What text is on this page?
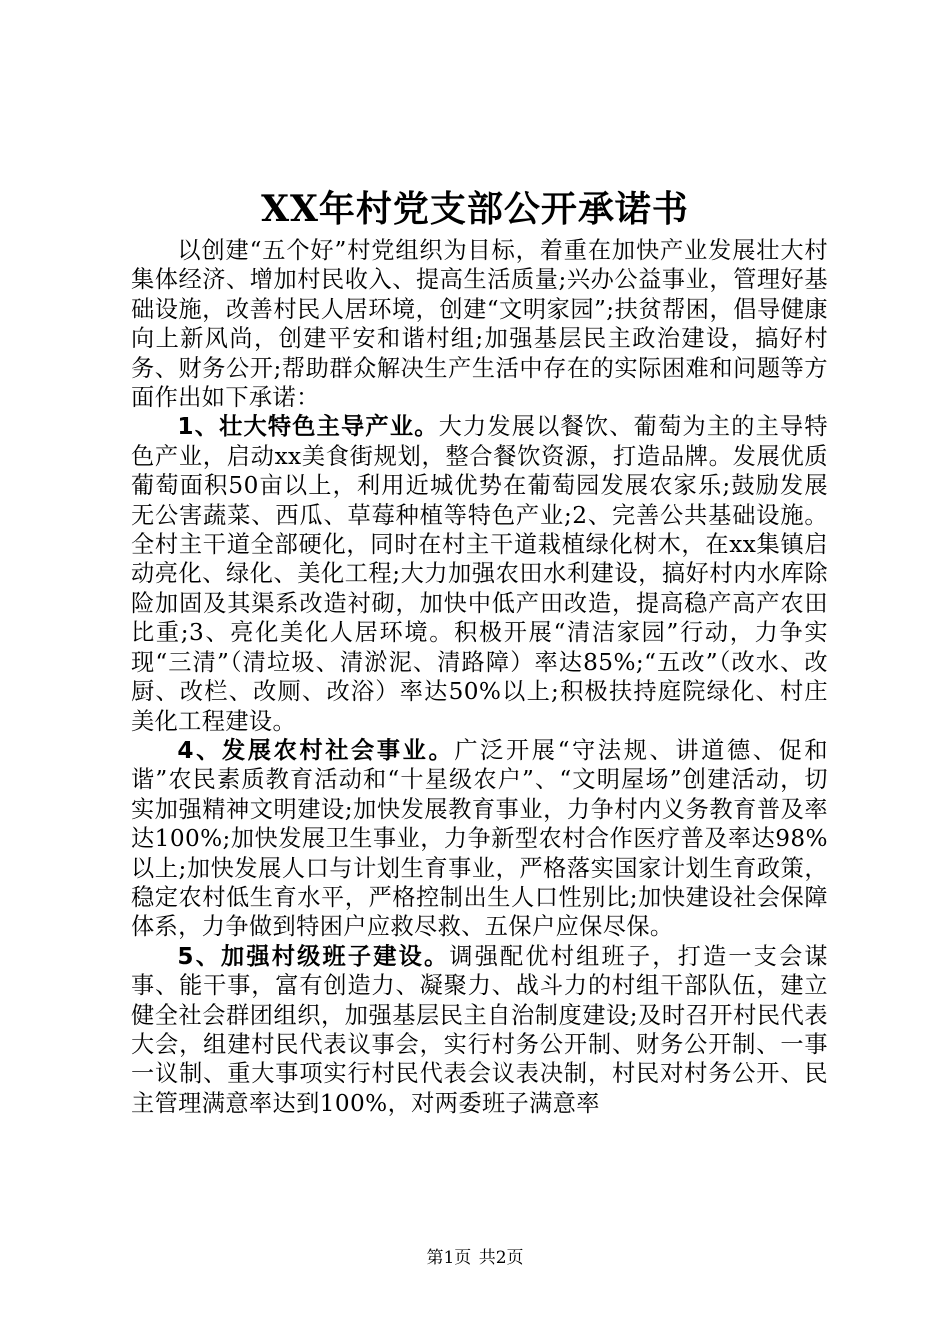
XX年村党支部公开承诺书

以创建“五个好”村党组织为目标，着重在加快产业发展壮大村集体经济、增加村民收入、提高生活质量;兴办公益事业，管理好基础设施，改善村民人居环境，创建“文明家园”;扶贫帮困，倡导健康向上新风尚，创建平安和谐村组;加强基层民主政治建设，搞好村务、财务公开;帮助群众解决生产生活中存在的实际困难和问题等方面作出如下承诺：

1、壮大特色主导产业。大力发展以餐饮、葡萄为主的主导特色产业，启动xx美食街规划，整合餐饮资源，打造品牌。发展优质葡萄面积50亩以上，利用近城优势在葡萄园发展农家乐;鼓励发展无公害蔬菜、西瓜、草莓种植等特色产业;2、完善公共基础设施。全村主干道全部硬化，同时在村主干道栽植绿化树木，在xx集镇启动亮化、绿化、美化工程;大力加强农田水利建设，搞好村内水库除险加固及其渠系改造衬砌，加快中低产田改造，提高稳产高产农田比重;3、亮化美化人居环境。积极开展“清洁家园”行动，力争实现“三清”（清垃圾、清淤泥、清路障）率达85%;“五改”（改水、改厨、改栏、改厕、改浴）率达50%以上;积极扶持庭院绿化、村庄美化工程建设。

4、发展农村社会事业。广泛开展“守法规、讲道德、促和谐”农民素质教育活动和“十星级农户”、“文明屋场”创建活动，切实加强精神文明建设;加快发展教育事业，力争村内义务教育普及率达100%;加快发展卫生事业，力争新型农村合作医疗普及率达98%以上;加快发展人口与计划生育事业，严格落实国家计划生育政策，稳定农村低生育水平，严格控制出生人口性别比;加快建设社会保障体系，力争做到特困户应救尽救、五保户应保尽保。

5、加强村级班子建设。调强配优村组班子，打造一支会谋事、能干事，富有创造力、凝聚力、战斗力的村组干部队伍，建立健全社会群团组织，加强基层民主自治制度建设;及时召开村民代表大会，组建村民代表议事会，实行村务公开制、财务公开制、一事一议制、重大事项实行村民代表会议表决制，村民对村务公开、民主管理满意率达到100%，对两委班子满意率

第1页 共2页
